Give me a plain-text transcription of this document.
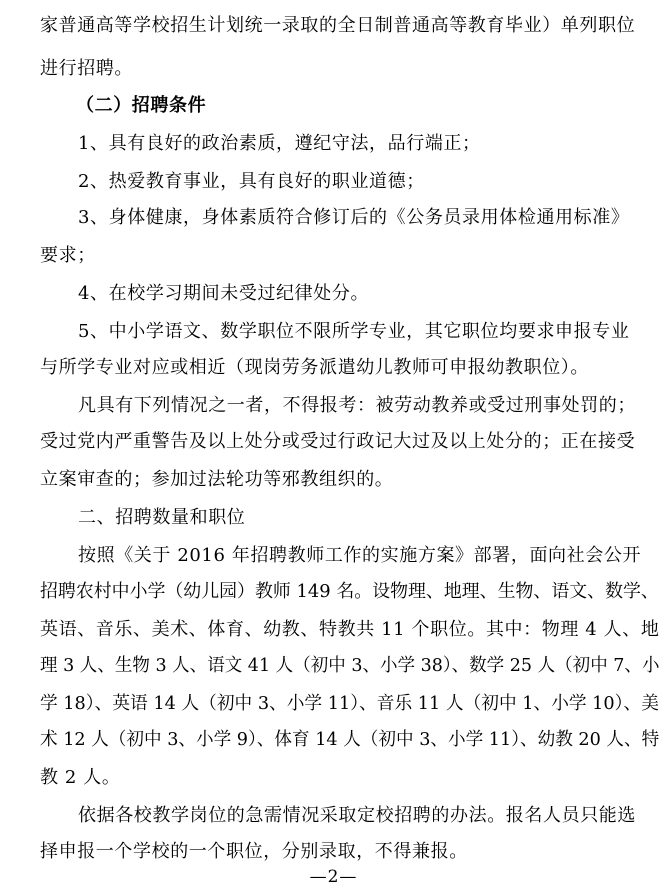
家普通高等学校招生计划统一录取的全日制普通高等教育毕业）单列职位
进行招聘。
（二）招聘条件
1、具有良好的政治素质，遵纪守法，品行端正；
2、热爱教育事业，具有良好的职业道德；
3、身体健康，身体素质符合修订后的《公务员录用体检通用标准》
要求；
4、在校学习期间未受过纪律处分。
5、中小学语文、数学职位不限所学专业，其它职位均要求申报专业
与所学专业对应或相近（现岗劳务派遣幼儿教师可申报幼教职位）。
凡具有下列情况之一者，不得报考：被劳动教养或受过刑事处罚的；
受过党内严重警告及以上处分或受过行政记大过及以上处分的；正在接受
立案审查的；参加过法轮功等邪教组织的。
二、招聘数量和职位
按照《关于 2016 年招聘教师工作的实施方案》部署，面向社会公开
招聘农村中小学（幼儿园）教师 149 名。设物理、地理、生物、语文、数学、
英语、音乐、美术、体育、幼教、特教共 11 个职位。其中：物理 4 人、地
理 3 人、生物 3 人、语文 41 人（初中 3、小学 38）、数学 25 人（初中 7、小
学 18）、英语 14 人（初中 3、小学 11）、音乐 11 人（初中 1、小学 10）、美
术 12 人（初中 3、小学 9）、体育 14 人（初中 3、小学 11）、幼教 20 人、特
教 2 人。
依据各校教学岗位的急需情况采取定校招聘的办法。报名人员只能选
择申报一个学校的一个职位，分别录取，不得兼报。
—2—
